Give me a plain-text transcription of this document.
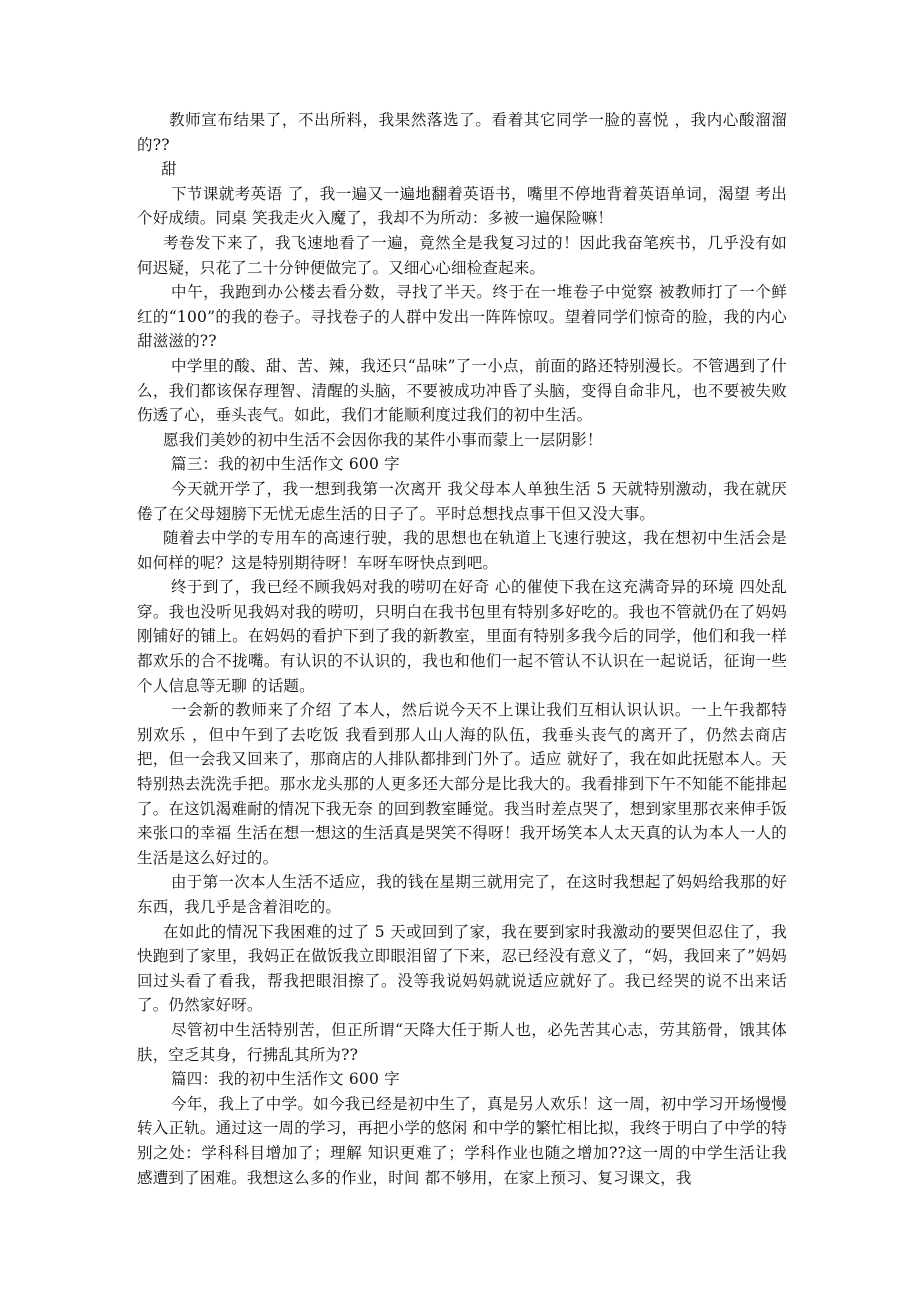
教师宣布结果了，不出所料，我果然落选了。看着其它同学一脸的喜悦 ，我内心酸溜溜的??

甜

下节课就考英语 了，我一遍又一遍地翻着英语书，嘴里不停地背着英语单词，渴望 考出个好成绩。同桌 笑我走火入魔了，我却不为所动：多被一遍保险嘛！

考卷发下来了，我飞速地看了一遍，竟然全是我复习过的！因此我奋笔疾书，几乎没有如何迟疑，只花了二十分钟便做完了。又细心心细检查起来。

中午，我跑到办公楼去看分数，寻找了半天。终于在一堆卷子中觉察 被教师打了一个鲜红的“100”的我的卷子。寻找卷子的人群中发出一阵阵惊叹。望着同学们惊奇的脸，我的内心甜滋滋的??

中学里的酸、甜、苦、辣，我还只“品味”了一小点，前面的路还特别漫长。不管遇到了什么，我们都该保存理智、清醒的头脑，不要被成功冲昏了头脑，变得自命非凡，也不要被失败 伤透了心，垂头丧气。如此，我们才能顺利度过我们的初中生活。

愿我们美妙的初中生活不会因你我的某件小事而蒙上一层阴影！

篇三：我的初中生活作文 600 字

今天就开学了，我一想到我第一次离开 我父母本人单独生活 5 天就特别激动，我在就厌倦了在父母翅膀下无忧无虑生活的日子了。平时总想找点事干但又没大事。

随着去中学的专用车的高速行驶，我的思想也在轨道上飞速行驶这，我在想初中生活会是如何样的呢？这是特别期待呀！车呀车呀快点到吧。

终于到了，我已经不顾我妈对我的唠叨在好奇 心的催使下我在这充满奇异的环境 四处乱穿。我也没听见我妈对我的唠叨，只明白在我书包里有特别多好吃的。我也不管就仍在了妈妈刚铺好的铺上。在妈妈的看护下到了我的新教室，里面有特别多我今后的同学，他们和我一样都欢乐的合不拢嘴。有认识的不认识的，我也和他们一起不管认不认识在一起说话，征询一些个人信息等无聊 的话题。

一会新的教师来了介绍 了本人，然后说今天不上课让我们互相认识认识。一上午我都特别欢乐 ，但中午到了去吃饭 我看到那人山人海的队伍，我垂头丧气的离开了，仍然去商店把，但一会我又回来了，那商店的人排队都排到门外了。适应 就好了，我在如此抚慰本人。天特别热去洗洗手把。那水龙头那的人更多还大部分是比我大的。我看排到下午不知能不能排起了。在这饥渴难耐的情况下我无奈 的回到教室睡觉。我当时差点哭了，想到家里那衣来伸手饭来张口的幸福 生活在想一想这的生活真是哭笑不得呀！我开场笑本人太天真的认为本人一人的生活是这么好过的。

由于第一次本人生活不适应，我的钱在星期三就用完了，在这时我想起了妈妈给我那的好东西，我几乎是含着泪吃的。

在如此的情况下我困难的过了 5 天或回到了家，我在要到家时我激动的要哭但忍住了，我快跑到了家里，我妈正在做饭我立即眼泪留了下来，忍已经没有意义了，“妈，我回来了”妈妈回过头看了看我，帮我把眼泪擦了。没等我说妈妈就说适应就好了。我已经哭的说不出来话了。仍然家好呀。

尽管初中生活特别苦，但正所谓“天降大任于斯人也，必先苦其心志，劳其筋骨，饿其体肤，空乏其身，行拂乱其所为??

篇四：我的初中生活作文 600 字

今年，我上了中学。如今我已经是初中生了，真是另人欢乐！这一周，初中学习开场慢慢转入正轨。通过这一周的学习，再把小学的悠闲 和中学的繁忙相比拟，我终于明白了中学的特别之处：学科科目增加了；理解 知识更难了；学科作业也随之增加??这一周的中学生活让我感遭到了困难。我想这么多的作业，时间 都不够用，在家上预习、复习课文，我
